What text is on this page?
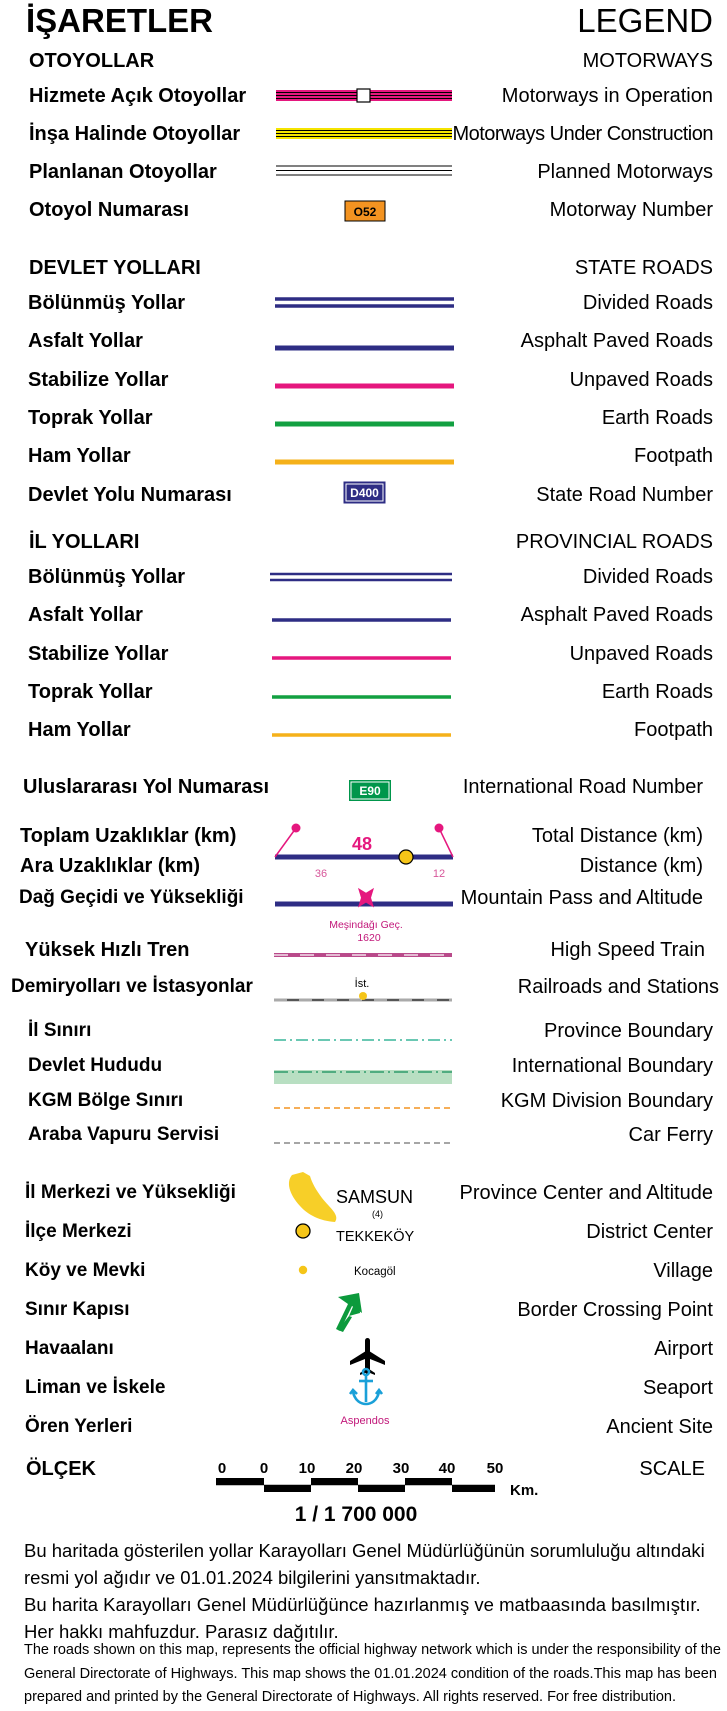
İŞARETLER	LEGEND
OTOYOLLAR	MOTORWAYS
Hizmete Açık Otoyollar	Motorways in Operation
İnşa Halinde Otoyollar	Motorways Under Construction
Planlanan Otoyollar	Planned Motorways
Otoyol Numarası	Motorway Number
DEVLET YOLLARI	STATE ROADS
Bölünmüş Yollar	Divided Roads
Asfalt Yollar	Asphalt Paved Roads
Stabilize Yollar	Unpaved Roads
Toprak Yollar	Earth Roads
Ham Yollar	Footpath
Devlet Yolu Numarası	State Road Number
İL YOLLARI	PROVINCIAL ROADS
Bölünmüş Yollar	Divided Roads
Asfalt Yollar	Asphalt Paved Roads
Stabilize Yollar	Unpaved Roads
Toprak Yollar	Earth Roads
Ham Yollar	Footpath
Uluslararası Yol Numarası	International Road Number
Toplam Uzaklıklar (km)	Total Distance (km)
Ara Uzaklıklar (km)	Distance (km)
Dağ Geçidi ve Yüksekliği	Mountain Pass and Altitude
Yüksek Hızlı Tren	High Speed Train
Demiryolları ve İstasyonlar	Railroads and Stations
İl Sınırı	Province Boundary
Devlet Hududu	International Boundary
KGM Bölge Sınırı	KGM Division Boundary
Araba Vapuru Servisi	Car Ferry
İl Merkezi ve Yüksekliği	Province Center and Altitude
İlçe Merkezi	District Center
Köy ve Mevki	Village
Sınır Kapısı	Border Crossing Point
Havaalanı	Airport
Liman ve İskele	Seaport
Ören Yerleri	Ancient Site
ÖLÇEK	SCALE
O52
D400
E90
48
36	12
Meşindağı Geç.
1620
İst.
SAMSUN
(4)
TEKKEKÖY
Kocagöl
Aspendos
0 0 10 20 30 40 50
Km.
1 / 1 700 000
Bu haritada gösterilen yollar Karayolları Genel Müdürlüğünün sorumluluğu altındaki resmi yol ağıdır ve 01.01.2024 bilgilerini yansıtmaktadır.
Bu harita Karayolları Genel Müdürlüğünce hazırlanmış ve matbaasında basılmıştır. Her hakkı mahfuzdur. Parasız dağıtılır.
The roads shown on this map, represents the official highway network which is under the responsibility of the General Directorate of Highways. This map shows the 01.01.2024 condition of the roads.This map has been prepared and printed by the General Directorate of Highways. All rights reserved. For free distribution.
